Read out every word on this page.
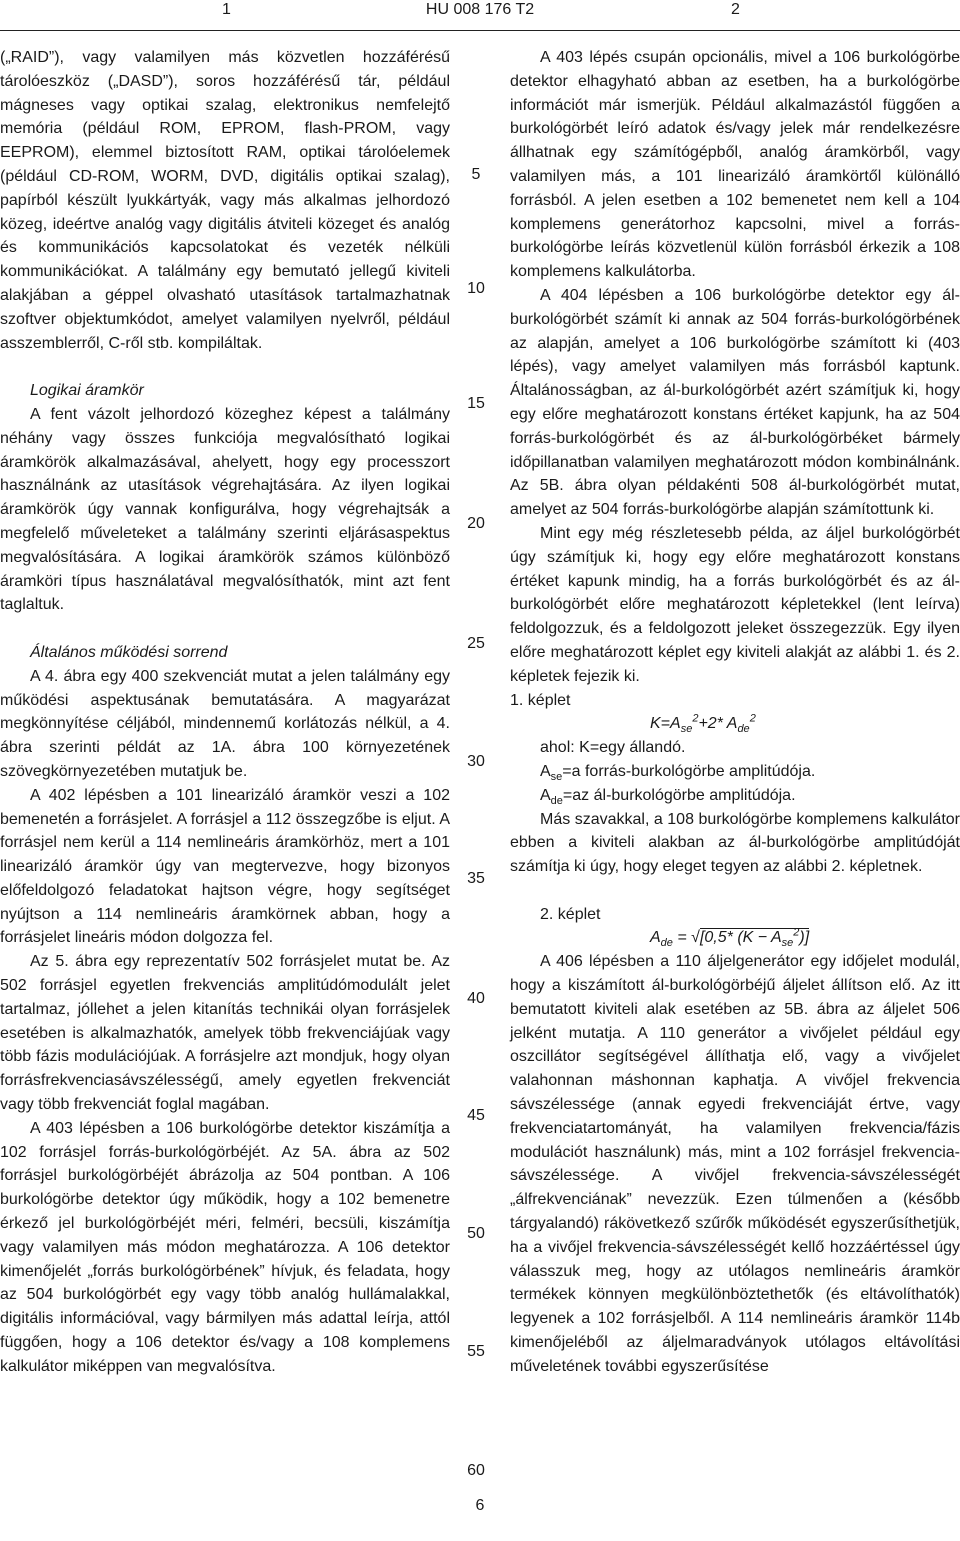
1	HU 008 176 T2	2

(„RAID”), vagy valamilyen más közvetlen hozzáférésű tárolóeszköz („DASD”), soros hozzáférésű tár, például mágneses vagy optikai szalag, elektronikus nemfelejtő memória (például ROM, EPROM, flash-PROM, vagy EEPROM), elemmel biztosított RAM, optikai tárolóelemek (például CD-ROM, WORM, DVD, digitális optikai szalag), papírból készült lyukkártyák, vagy más alkalmas jelhordozó közeg, ideértve analóg vagy digitális átviteli közeget és analóg és kommunikációs kapcsolatokat és vezeték nélküli kommunikációkat. A találmány egy bemutató jellegű kiviteli alakjában a géppel olvasható utasítások tartalmazhatnak szoftver objektumkódot, amelyet valamilyen nyelvről, például asszemblerről, C-ről stb. kompiláltak.

Logikai áramkör

A fent vázolt jelhordozó közeghez képest a találmány néhány vagy összes funkciója megvalósítható logikai áramkörök alkalmazásával, ahelyett, hogy egy processzort használnánk az utasítások végrehajtására. Az ilyen logikai áramkörök úgy vannak konfigurálva, hogy végrehajtsák a megfelelő műveleteket a találmány szerinti eljárásaspektus megvalósítására. A logikai áramkörök számos különböző áramköri típus használatával megvalósíthatók, mint azt fent taglaltuk.

Általános működési sorrend

A 4. ábra egy 400 szekvenciát mutat a jelen találmány egy működési aspektusának bemutatására. A magyarázat megkönnyítése céljából, mindennemű korlátozás nélkül, a 4. ábra szerinti példát az 1A. ábra 100 környezetének szövegkörnyezetében mutatjuk be.

A 402 lépésben a 101 linearizáló áramkör veszi a 102 bemenetén a forrásjelet. A forrásjel a 112 összegzőbe is eljut. A forrásjel nem kerül a 114 nemlineáris áramkörhöz, mert a 101 linearizáló áramkör úgy van megtervezve, hogy bizonyos előfeldolgozó feladatokat hajtson végre, hogy segítséget nyújtson a 114 nemlineáris áramkörnek abban, hogy a forrásjelet lineáris módon dolgozza fel.

Az 5. ábra egy reprezentatív 502 forrásjelet mutat be. Az 502 forrásjel egyetlen frekvenciás amplitúdómodulált jelet tartalmaz, jóllehet a jelen kitanítás technikái olyan forrásjelek esetében is alkalmazhatók, amelyek több frekvenciájúak vagy több fázis modulációjúak. A forrásjelre azt mondjuk, hogy olyan forrásfrekvenciasávszélességű, amely egyetlen frekvenciát vagy több frekvenciát foglal magában.

A 403 lépésben a 106 burkológörbe detektor kiszámítja a 102 forrásjel forrás-burkológörbéjét. Az 5A. ábra az 502 forrásjel burkológörbéjét ábrázolja az 504 pontban. A 106 burkológörbe detektor úgy működik, hogy a 102 bemenetre érkező jel burkológörbéjét méri, felméri, becsüli, kiszámítja vagy valamilyen más módon meghatározza. A 106 detektor kimenőjelét „forrás burkológörbének” hívjuk, és feladata, hogy az 504 burkológörbét egy vagy több analóg hullámalakkal, digitális információval, vagy bármilyen más adattal leírja, attól függően, hogy a 106 detektor és/vagy a 108 komplemens kalkulátor miképpen van megvalósítva.

A 403 lépés csupán opcionális, mivel a 106 burkológörbe detektor elhagyható abban az esetben, ha a burkológörbe információt már ismerjük. Például alkalmazástól függően a burkológörbét leíró adatok és/vagy jelek már rendelkezésre állhatnak egy számítógépből, analóg áramkörből, vagy valamilyen más, a 101 linearizáló áramkörtől különálló forrásból. A jelen esetben a 102 bemenetet nem kell a 104 komplemens generátorhoz kapcsolni, mivel a forrás-burkológörbe leírás közvetlenül külön forrásból érkezik a 108 komplemens kalkulátorba.

A 404 lépésben a 106 burkológörbe detektor egy ál-burkológörbét számít ki annak az 504 forrás-burkológörbének az alapján, amelyet a 106 burkológörbe számított ki (403 lépés), vagy amelyet valamilyen más forrásból kaptunk. Általánosságban, az ál-burkológörbét azért számítjuk ki, hogy egy előre meghatározott konstans értéket kapjunk, ha az 504 forrás-burkológörbét és az ál-burkológörbéket bármely időpillanatban valamilyen meghatározott módon kombinálnánk. Az 5B. ábra olyan példakénti 508 ál-burkológörbét mutat, amelyet az 504 forrás-burkológörbe alapján számítottunk ki.

Mint egy még részletesebb példa, az áljel burkológörbét úgy számítjuk ki, hogy egy előre meghatározott konstans értéket kapunk mindig, ha a forrás burkológörbét és az ál-burkológörbét előre meghatározott képletekkel (lent leírva) feldolgozzuk, és a feldolgozott jeleket összegezzük. Egy ilyen előre meghatározott képlet egy kiviteli alakját az alábbi 1. és 2. képletek fejezik ki.

1. képlet

$K=A_{se}^2+2*$ $A_{de}^2$

ahol: K=egy állandó.

$A_{se}=a$ forrás-burkológörbe amplitúdója.

$A_{de}=az$ ál-burkológörbe amplitúdója.

Más szavakkal, a 108 burkológörbe komplemens kalkulátor ebben a kiviteli alakban az ál-burkológörbe amplitúdóját számítja ki úgy, hogy eleget tegyen az alábbi 2. képletnek.

2. képlet

$A_{de} = √[0,5*$ $(K - A_{se}^2)$]

A 406 lépésben a 110 áljelgenerátor egy időjelet modulál, hogy a kiszámított ál-burkológörbéjű áljelet állítson elő. Az itt bemutatott kiviteli alak esetében az 5B. ábra az áljelet 506 jelként mutatja. A 110 generátor a vivőjelet például egy oszcillátor segítségével állíthatja elő, vagy a vivőjelet valahonnan máshonnan kaphatja. A vivőjel frekvencia sávszélessége (annak egyedi frekvenciáját értve, vagy frekvenciatartományát, ha valamilyen frekvencia/fázis modulációt használunk) más, mint a 102 forrásjel frekvencia-sávszélessége. A vivőjel frekvencia-sávszélességét „álfrekvenciának” nevezzük. Ezen túlmenően a (később tárgyalandó) rákövetkező szűrők működését egyszerűsíthetjük, ha a vivőjel frekvencia-sávszélességét kellő hozzáértéssel úgy válasszuk meg, hogy az utólagos nemlineáris áramkör termékek könnyen megkülönböztethetők (és eltávolíthatók) legyenek a 102 forrásjelből. A 114 nemlineáris áramkör 114b kimenőjeléből az áljelmaradványok utólagos eltávolítási műveletének további egyszerűsítése

5
10
15
20
25
30
35
40
45
50
55
60
6
